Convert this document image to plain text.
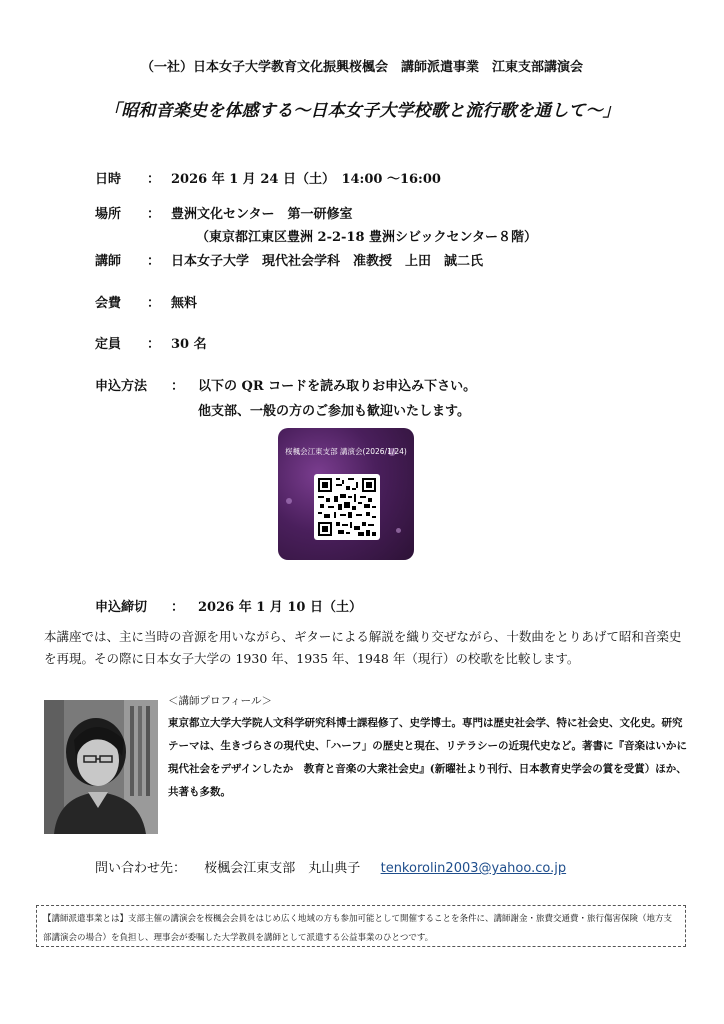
（一社）日本女子大学教育文化振興桜楓会　講師派遣事業　江東支部講演会
「昭和音楽史を体感する～日本女子大学校歌と流行歌を通して～」
日時 ： 2026 年 1 月 24 日（土）　14:00 ～16:00
場所 ： 豊洲文化センター　第一研修室
（東京都江東区豊洲 2-2-18 豊洲シビックセンター８階）
講師 ： 日本女子大学　現代社会学科　准教授　上田　誠二氏
会費 ： 無料
定員 ： 30 名
申込方法 ： 以下の QR コードを読み取りお申込み下さい。
他支部、一般の方のご参加も歓迎いたします。
桜楓会江東支部 講演会(2026/1/24)
申込締切 ： 2026 年 1 月 10 日（土）
本講座では、主に当時の音源を用いながら、ギターによる解説を織り交ぜながら、十数曲をとりあげて昭和音楽史を再現。その際に日本女子大学の 1930 年、1935 年、1948 年（現行）の校歌を比較します。
＜講師プロフィール＞
東京都立大学大学院人文科学研究科博士課程修了、史学博士。専門は歴史社会学、特に社会史、文化史。研究テーマは、生きづらさの現代史、「ハーフ」の歴史と現在、リテラシーの近現代史など。著書に『音楽はいかに現代社会をデザインしたか　教育と音楽の大衆社会史』(新曜社より刊行、日本教育史学会の賞を受賞）ほか、共著も多数。
問い合わせ先： 桜楓会江東支部　丸山典子 tenkorolin2003@yahoo.co.jp
【講師派遣事業とは】支部主催の講演会を桜楓会会員をはじめ広く地域の方も参加可能として開催することを条件に、講師謝金・旅費交通費・旅行傷害保険（地方支部講演会の場合）を負担し、理事会が委嘱した大学教員を講師として派遣する公益事業のひとつです。
